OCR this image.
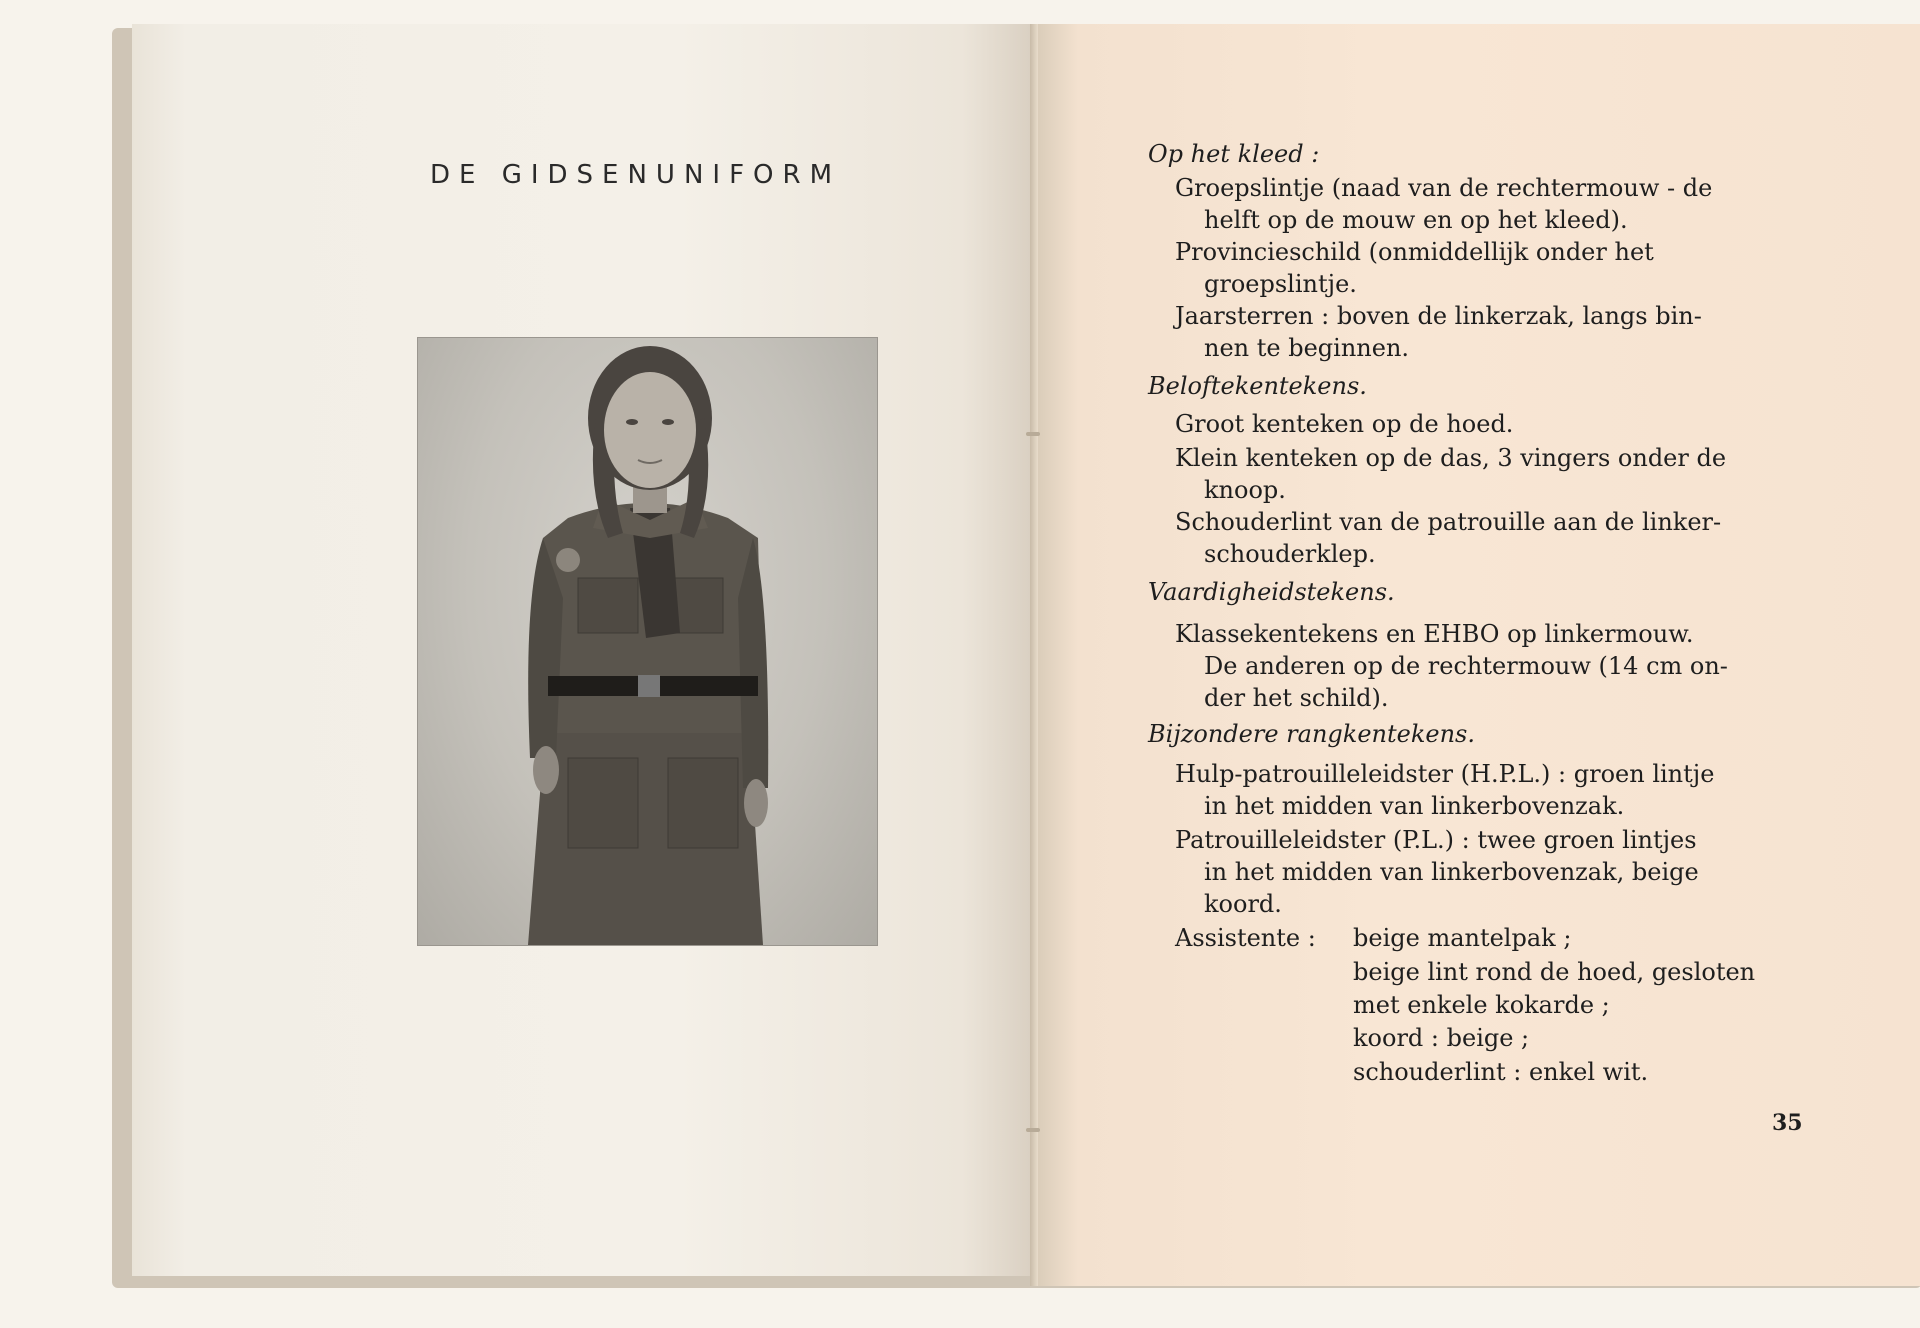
DE GIDSENUNIFORM
Op het kleed :
Groepslintje (naad van de rechtermouw - de
helft op de mouw en op het kleed).
Provincieschild (onmiddellijk onder het
groepslintje.
Jaarsterren : boven de linkerzak, langs bin-
nen te beginnen.
Beloftekentekens.
Groot kenteken op de hoed.
Klein kenteken op de das, 3 vingers onder de
knoop.
Schouderlint van de patrouille aan de linker-
schouderklep.
Vaardigheidstekens.
Klassekentekens en EHBO op linkermouw.
De anderen op de rechtermouw (14 cm on-
der het schild).
Bijzondere rangkentekens.
Hulp-patrouilleleidster (H.P.L.) : groen lintje
in het midden van linkerbovenzak.
Patrouilleleidster (P.L.) : twee groen lintjes
in het midden van linkerbovenzak, beige
koord.
Assistente : beige mantelpak ;
beige lint rond de hoed, gesloten
met enkele kokarde ;
koord : beige ;
schouderlint : enkel wit.
35
